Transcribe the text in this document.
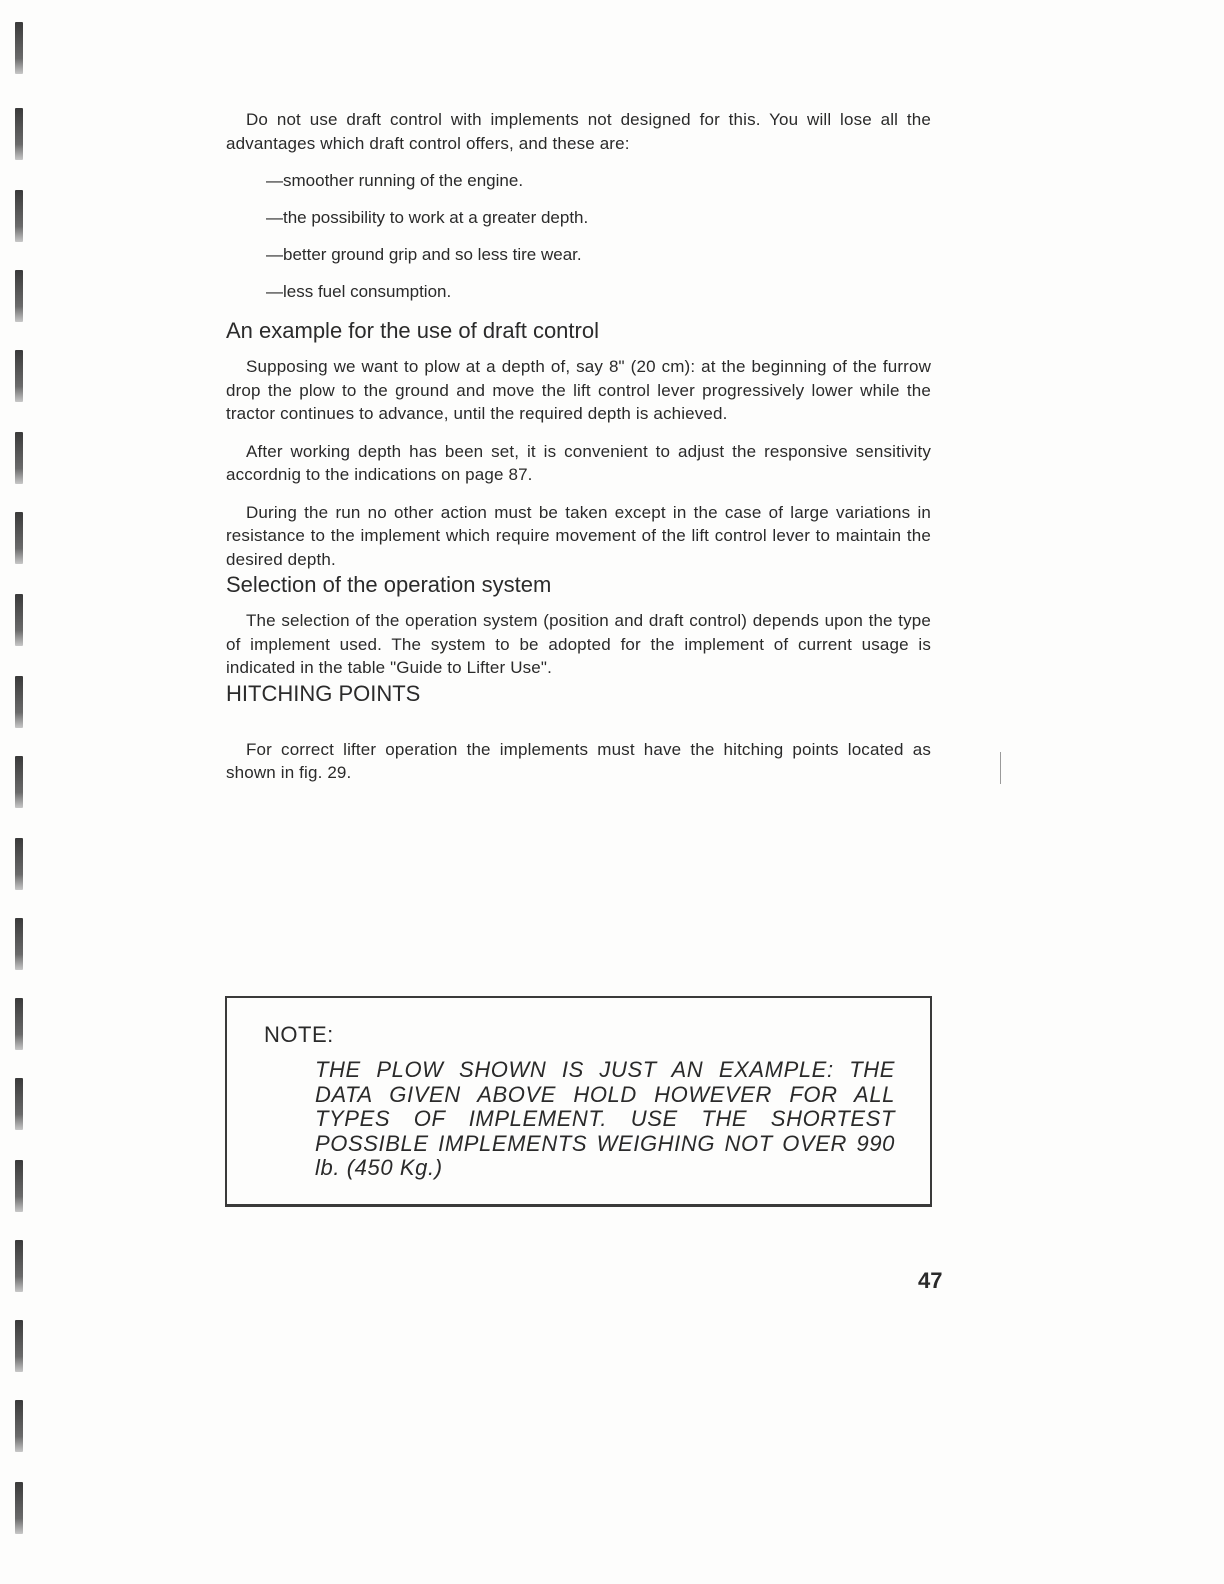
Do not use draft control with implements not designed for this. You will lose all the advantages which draft control offers, and these are:

—smoother running of the engine.
—the possibility to work at a greater depth.
—better ground grip and so less tire wear.
—less fuel consumption.
An example for the use of draft control

Supposing we want to plow at a depth of, say 8" (20 cm): at the beginning of the furrow drop the plow to the ground and move the lift control lever progressively lower while the tractor continues to advance, until the required depth is achieved.

After working depth has been set, it is convenient to adjust the responsive sensitivity accordnig to the indications on page 87.

During the run no other action must be taken except in the case of large variations in resistance to the implement which require movement of the lift control lever to maintain the desired depth.

Selection of the operation system

The selection of the operation system (position and draft control) depends upon the type of implement used. The system to be adopted for the implement of current usage is indicated in the table "Guide to Lifter Use".

HITCHING POINTS

For correct lifter operation the implements must have the hitching points located as shown in fig. 29.

NOTE:
THE PLOW SHOWN IS JUST AN EXAMPLE: THE DATA GIVEN ABOVE HOLD HOWEVER FOR ALL TYPES OF IMPLEMENT. USE THE SHORTEST POSSIBLE IMPLEMENTS WEIGHING NOT OVER 990 lb. (450 Kg.)
47
